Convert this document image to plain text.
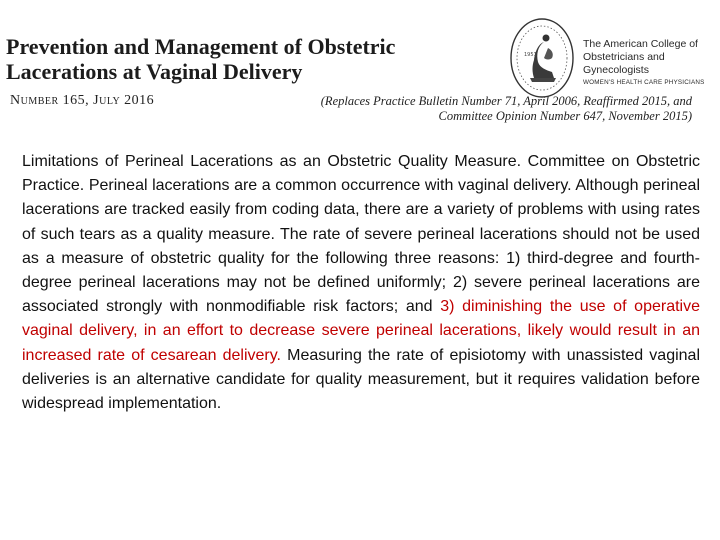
Prevention and Management of Obstetric
Lacerations at Vaginal Delivery
Number 165, July 2016	(Replaces Practice Bulletin Number 71, April 2006, Reaffirmed 2015, and
Committee Opinion Number 647, November 2015)
1951
The American College of
Obstetricians and Gynecologists
WOMEN'S HEALTH CARE PHYSICIANS

Limitations of Perineal Lacerations as an Obstetric Quality Measure. Committee on Obstetric Practice. Perineal lacerations are a common occurrence with vaginal delivery. Although perineal lacerations are tracked easily from coding data, there are a variety of problems with using rates of such tears as a quality measure. The rate of severe perineal lacerations should not be used as a measure of obstetric quality for the following three reasons: 1) third-degree and fourth-degree perineal lacerations may not be defined uniformly; 2) severe perineal lacerations are associated strongly with nonmodifiable risk factors; and 3) diminishing the use of operative vaginal delivery, in an effort to decrease severe perineal lacerations, likely would result in an increased rate of cesarean delivery. Measuring the rate of episiotomy with unassisted vaginal deliveries is an alternative candidate for quality measurement, but it requires validation before widespread implementation.
